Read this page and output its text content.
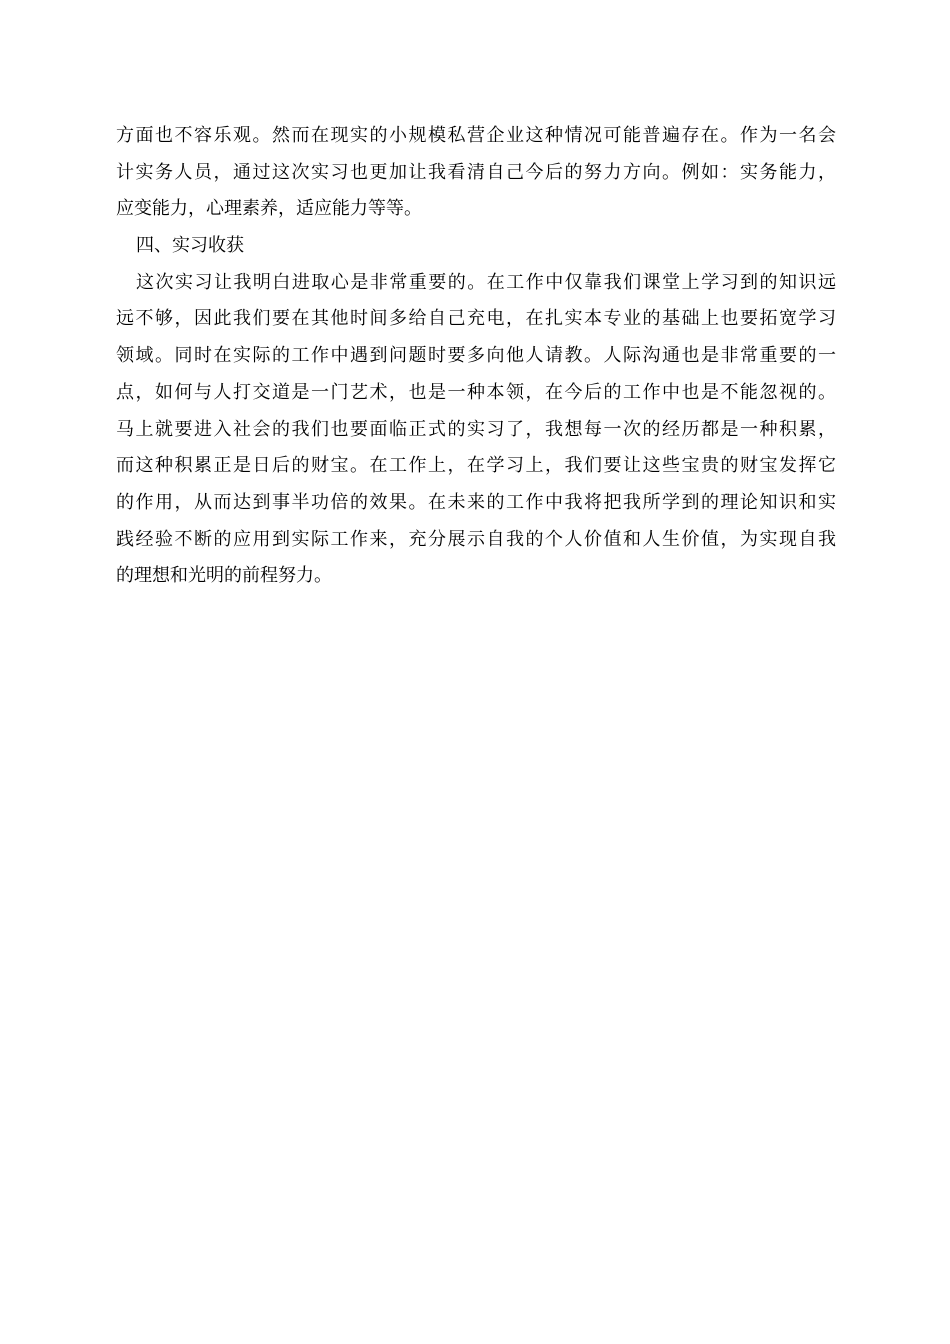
方面也不容乐观。然而在现实的小规模私营企业这种情况可能普遍存在。作为一名会
计实务人员，通过这次实习也更加让我看清自己今后的努力方向。例如：实务能力，
应变能力，心理素养，适应能力等等。
四、实习收获
这次实习让我明白进取心是非常重要的。在工作中仅靠我们课堂上学习到的知识远
远不够，因此我们要在其他时间多给自己充电，在扎实本专业的基础上也要拓宽学习
领域。同时在实际的工作中遇到问题时要多向他人请教。人际沟通也是非常重要的一
点，如何与人打交道是一门艺术，也是一种本领，在今后的工作中也是不能忽视的。
马上就要进入社会的我们也要面临正式的实习了，我想每一次的经历都是一种积累，
而这种积累正是日后的财宝。在工作上，在学习上，我们要让这些宝贵的财宝发挥它
的作用，从而达到事半功倍的效果。在未来的工作中我将把我所学到的理论知识和实
践经验不断的应用到实际工作来，充分展示自我的个人价值和人生价值，为实现自我
的理想和光明的前程努力。
